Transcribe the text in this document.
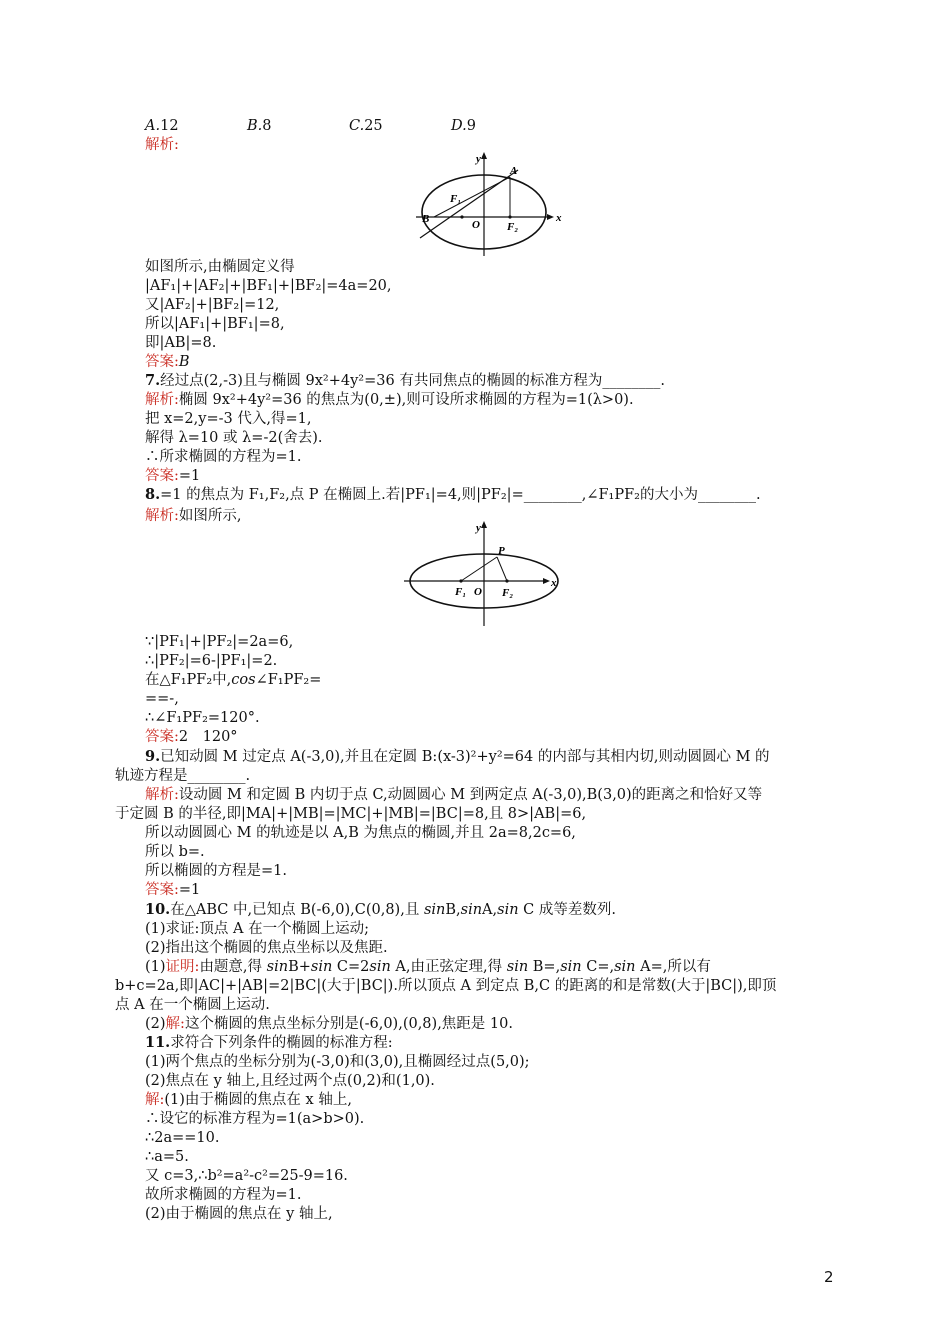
A.12	B.8	C.25	D.9
解析:
y
x
A
B	O
F₁
F₂
如图所示,由椭圆定义得
|AF₁|+|AF₂|+|BF₁|+|BF₂|=4a=20,
又|AF₂|+|BF₂|=12,
所以|AF₁|+|BF₁|=8,
即|AB|=8.
答案:B
7.经过点(2,-3)且与椭圆 9x²+4y²=36 有共同焦点的椭圆的标准方程为________.
解析:椭圆 9x²+4y²=36 的焦点为(0,±),则可设所求椭圆的方程为=1(λ>0).
把 x=2,y=-3 代入,得=1,
解得 λ=10 或 λ=-2(舍去).
∴所求椭圆的方程为=1.
答案:=1
8.=1 的焦点为 F₁,F₂,点 P 在椭圆上.若|PF₁|=4,则|PF₂|=________,∠F₁PF₂的大小为________.
解析:如图所示,
y
x
P
O
F₁	F₂
∵|PF₁|+|PF₂|=2a=6,
∴|PF₂|=6-|PF₁|=2.
在△F₁PF₂中,cos∠F₁PF₂=
==-,
∴∠F₁PF₂=120°.
答案:2　120°
9.已知动圆 M 过定点 A(-3,0),并且在定圆 B:(x-3)²+y²=64 的内部与其相内切,则动圆圆心 M 的
轨迹方程是________.
解析:设动圆 M 和定圆 B 内切于点 C,动圆圆心 M 到两定点 A(-3,0),B(3,0)的距离之和恰好又等
于定圆 B 的半径,即|MA|+|MB|=|MC|+|MB|=|BC|=8,且 8>|AB|=6,
所以动圆圆心 M 的轨迹是以 A,B 为焦点的椭圆,并且 2a=8,2c=6,
所以 b=.
所以椭圆的方程是=1.
答案:=1
10.在△ABC 中,已知点 B(-6,0),C(0,8),且 sinB,sinA,sin C 成等差数列.
(1)求证:顶点 A 在一个椭圆上运动;
(2)指出这个椭圆的焦点坐标以及焦距.
(1)证明:由题意,得 sinB+sin C=2sin A,由正弦定理,得 sin B=,sin C=,sin A=,所以有
b+c=2a,即|AC|+|AB|=2|BC|(大于|BC|).所以顶点 A 到定点 B,C 的距离的和是常数(大于|BC|),即顶
点 A 在一个椭圆上运动.
(2)解:这个椭圆的焦点坐标分别是(-6,0),(0,8),焦距是 10.
11.求符合下列条件的椭圆的标准方程:
(1)两个焦点的坐标分别为(-3,0)和(3,0),且椭圆经过点(5,0);
(2)焦点在 y 轴上,且经过两个点(0,2)和(1,0).
解:(1)由于椭圆的焦点在 x 轴上,
∴设它的标准方程为=1(a>b>0).
∴2a==10.
∴a=5.
又 c=3,∴b²=a²-c²=25-9=16.
故所求椭圆的方程为=1.
(2)由于椭圆的焦点在 y 轴上,
2
